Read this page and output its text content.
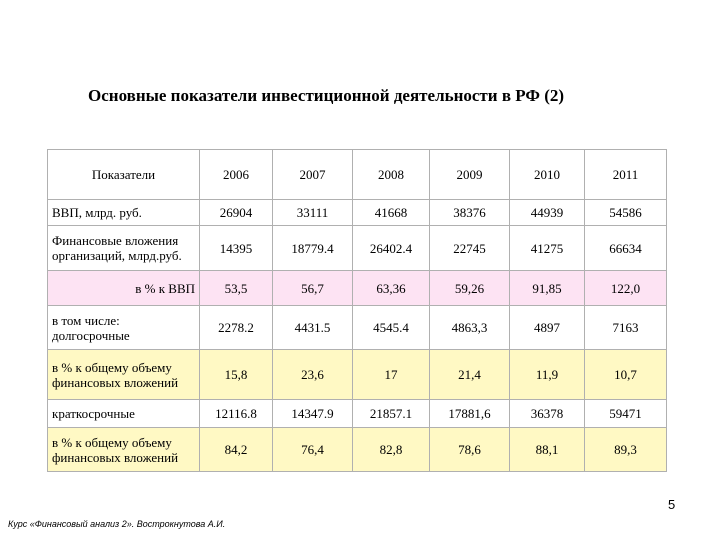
Основные показатели инвестиционной деятельности в РФ (2)
Показатели	2006	2007	2008	2009	2010	2011
ВВП, млрд. руб.	26904	33111	41668	38376	44939	54586
Финансовые вложения организаций, млрд.руб.	14395	18779.4	26402.4	22745	41275	66634
в % к ВВП	53,5	56,7	63,36	59,26	91,85	122,0
в том числе: долгосрочные	2278.2	4431.5	4545.4	4863,3	4897	7163
в % к общему объему финансовых вложений	15,8	23,6	17	21,4	11,9	10,7
краткосрочные	12116.8	14347.9	21857.1	17881,6	36378	59471
в % к общему объему финансовых вложений	84,2	76,4	82,8	78,6	88,1	89,3
5
Курс «Финансовый анализ 2». Вострокнутова А.И.
